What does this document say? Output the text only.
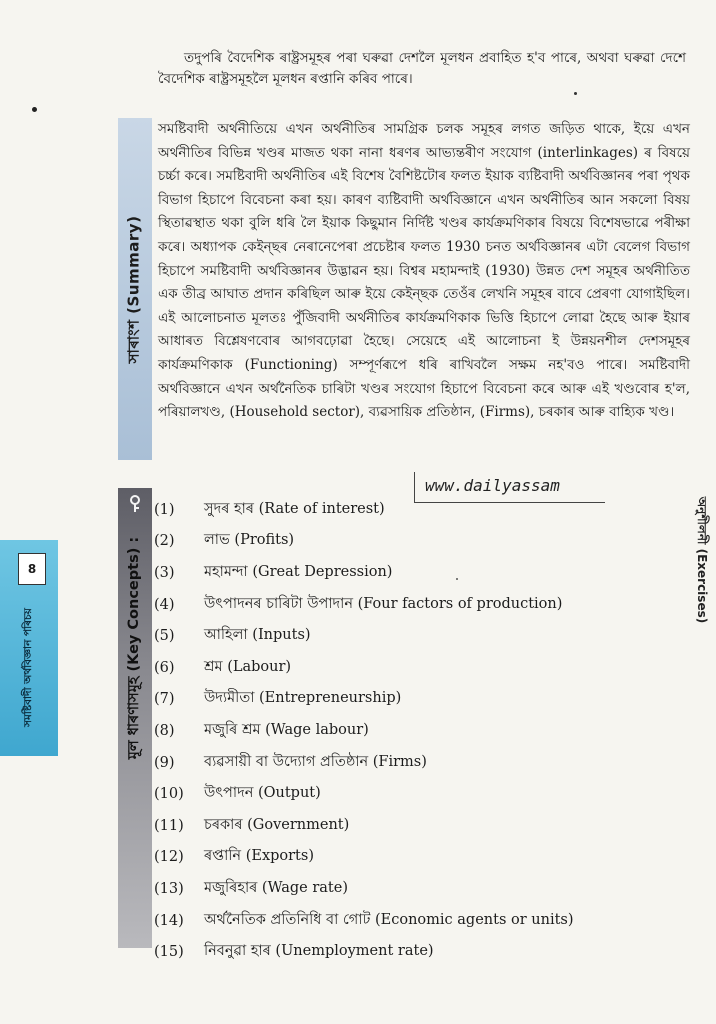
তদুপৰি বৈদেশিক ৰাষ্ট্ৰসমূহৰ পৰা ঘৰুৱা দেশলৈ মূলধন প্ৰবাহিত হ'ব পাৰে, অথবা ঘৰুৱা দেশে বৈদেশিক ৰাষ্ট্ৰসমূহলৈ মূলধন ৰপ্তানি কৰিব পাৰে।

সাৰাংশ (Summary)

সমষ্টিবাদী অৰ্থনীতিয়ে এখন অৰ্থনীতিৰ সামগ্ৰিক চলক সমূহৰ লগত জড়িত থাকে, ইয়ে এখন অৰ্থনীতিৰ বিভিন্ন খণ্ডৰ মাজত থকা নানা ধৰণৰ আভ্যন্তৰীণ সংযোগ (interlinkages) ৰ বিষয়ে চৰ্চ্চা কৰে। সমষ্টিবাদী অৰ্থনীতিৰ এই বিশেষ বৈশিষ্টটোৰ ফলত ইয়াক ব্যষ্টিবাদী অৰ্থবিজ্ঞানৰ পৰা পৃথক বিভাগ হিচাপে বিবেচনা কৰা হয়। কাৰণ ব্যষ্টিবাদী অৰ্থবিজ্ঞানে এখন অৰ্থনীতিৰ আন সকলো বিষয় স্থিতাৱস্থাত থকা বুলি ধৰি লৈ ইয়াক কিছুমান নিৰ্দিষ্ট খণ্ডৰ কাৰ্যক্ৰমণিকাৰ বিষয়ে বিশেষভাৱে পৰীক্ষা কৰে। অধ্যাপক কেইন্‌ছৰ নেৰানেপেৰা প্ৰচেষ্টাৰ ফলত 1930 চনত অৰ্থবিজ্ঞানৰ এটা বেলেগ বিভাগ হিচাপে সমষ্টিবাদী অৰ্থবিজ্ঞানৰ উদ্ভাৱন হয়। বিশ্বৰ মহামন্দাই (1930) উন্নত দেশ সমূহৰ অৰ্থনীতিত এক তীব্ৰ আঘাত প্ৰদান কৰিছিল আৰু ইয়ে কেইন্‌ছক তেওঁৰ লেখনি সমূহৰ বাবে প্ৰেৰণা যোগাইছিল। এই আলোচনাত মূলতঃ পুঁজিবাদী অৰ্থনীতিৰ কাৰ্যক্ৰমণিকাক ভিত্তি হিচাপে লোৱা হৈছে আৰু ইয়াৰ আধাৰত বিশ্লেষণবোৰ আগবঢ়োৱা হৈছে। সেয়েহে এই আলোচনা ই উন্নয়নশীল দেশসমূহৰ কাৰ্যক্ৰমণিকাক (Functioning) সম্পূৰ্ণৰূপে ধৰি ৰাখিবলৈ সক্ষম নহ'বও পাৰে। সমষ্টিবাদী অৰ্থবিজ্ঞানে এখন অৰ্থনৈতিক চাৰিটা খণ্ডৰ সংযোগ হিচাপে বিবেচনা কৰে আৰু এই খণ্ডবোৰ হ'ল, পৰিয়ালখণ্ড, (Household sector), ব্যৱসায়িক প্ৰতিষ্ঠান, (Firms), চৰকাৰ আৰু বাহ্যিক খণ্ড।

www.dailyassam
মূল ধাৰণাসমূহ (Key Concepts) :
(1)	সুদৰ হাৰ (Rate of interest)
(2)	লাভ (Profits)
(3)	মহামন্দা (Great Depression)
(4)	উৎপাদনৰ চাৰিটা উপাদান (Four factors of production)
(5)	আহিলা (Inputs)
(6)	শ্ৰম (Labour)
(7)	উদ্যমীতা (Entrepreneurship)
(8)	মজুৰি শ্ৰম (Wage labour)
(9)	ব্যৱসায়ী বা উদ্যোগ প্ৰতিষ্ঠান (Firms)
(10)	উৎপাদন (Output)
(11)	চৰকাৰ (Government)
(12)	ৰপ্তানি (Exports)
(13)	মজুৰিহাৰ (Wage rate)
(14)	অৰ্থনৈতিক প্ৰতিনিধি বা গোট (Economic agents or units)
(15)	নিবনুৱা হাৰ (Unemployment rate)
8
সমষ্টিবাদী অৰ্থবিজ্ঞান পৰিচয়
অনুশীলনী (Exercises)
